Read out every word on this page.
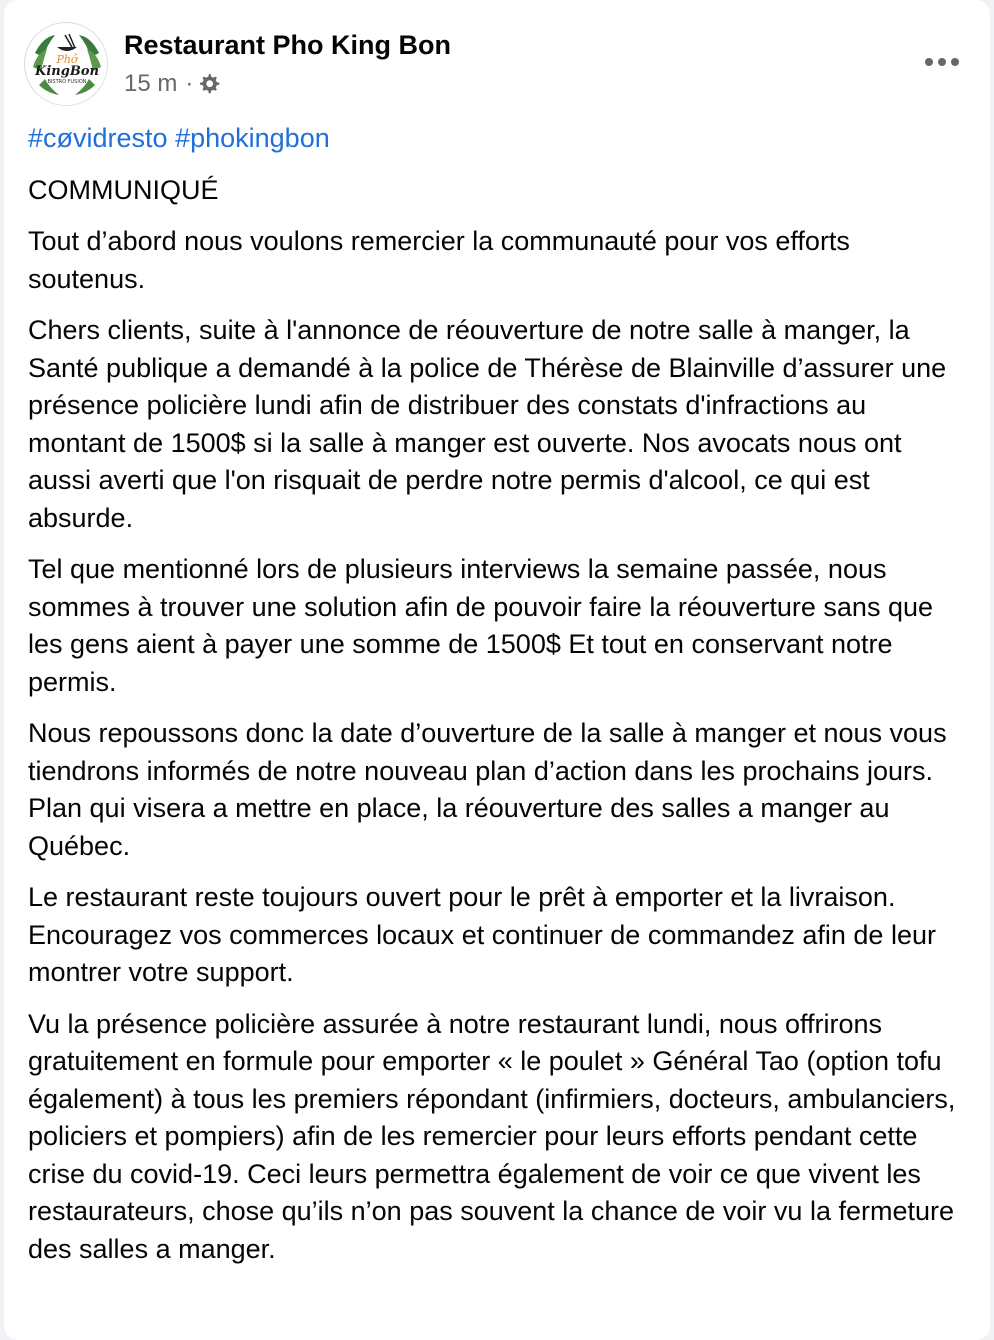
Phở
KingBon
BISTRO FUSION
Restaurant Pho King Bon
15 m ·
#cøvidresto #phokingbon

COMMUNIQUÉ

Tout d’abord nous voulons remercier la communauté pour vos efforts soutenus.

Chers clients, suite à l'annonce de réouverture de notre salle à manger, la Santé publique a demandé à la police de Thérèse de Blainville d’assurer une présence policière lundi afin de distribuer des constats d'infractions au montant de 1500$ si la salle à manger est ouverte. Nos avocats nous ont aussi averti que l'on risquait de perdre notre permis d'alcool, ce qui est absurde.

Tel que mentionné lors de plusieurs interviews la semaine passée, nous sommes à trouver une solution afin de pouvoir faire la réouverture sans que les gens aient à payer une somme de 1500$ Et tout en conservant notre permis.

Nous repoussons donc la date d’ouverture de la salle à manger et nous vous tiendrons informés de notre nouveau plan d’action dans les prochains jours. Plan qui visera a mettre en place, la réouverture des salles a manger au Québec.

Le restaurant reste toujours ouvert pour le prêt à emporter et la livraison. Encouragez vos commerces locaux et continuer de commandez afin de leur montrer votre support.

Vu la présence policière assurée à notre restaurant lundi, nous offrirons gratuitement en formule pour emporter « le poulet » Général Tao (option tofu également) à tous les premiers répondant (infirmiers, docteurs, ambulanciers, policiers et pompiers) afin de les remercier pour leurs efforts pendant cette crise du covid-19. Ceci leurs permettra également de voir ce que vivent les restaurateurs, chose qu’ils n’on pas souvent la chance de voir vu la fermeture des salles a manger.
